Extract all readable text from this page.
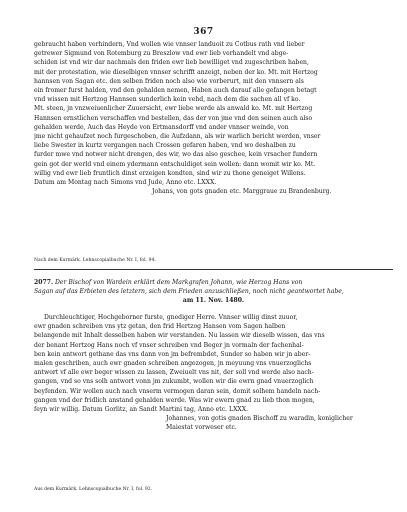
367
gebraucht haben verhindern, Vnd wollen wie vnnser landuoit zu Cotbus rath vnd lieber
getrewer Sigmund von Rotemburg zu Breszlow vnd ewr lieb verhandelt vnd abge-
schiden ist vnd wir dar nachmals den friden ewr lieb bewilliget vnd zugeschriben haben,
mit der protestation, wie dieselbigen vnnser schrifft anzeigt, neben der ko. Mt. mit Hertzog
hannsen von Sagan etc. den selben friden noch also wie vorberurt, mit den vnnsern als
ein fromer furst halden, vnd den gehalden nemen, Haben auch darauf alle gefangen betagt
vnd wissen mit Hertzog Hannsen sunderlich kein vehd, nach dem die sachen all vf ko.
Mt. steen, jn vnzweiuenlicher Zuuersicht, ewr liebe werde als anwald ko. Mt. mit Hertzog
Hannsen ernstlichen verschaffen vnd bestellen, das der von jme vnd den seinen auch also
gehalden werde, Auch das Heyde von Ertmansdorff vnd ander vnnser weinde, von
jme nicht gehaufzet noch furgeschoben, die Aufzdann, als wir warlich bericht werden, vnser
liebe Swester in kurtz vergangen nach Crossen gefaren haben, vnd wo deshalben zu
furder mwe vnd notwer nicht drengen, des wir, wo das also geschee, kein vrsacher fundern
gein got der werld vnd einem ydermann entschuldiget sein wollen: dann womit wir ko. Mt.
willig vnd ewr lieb fruntlich dinst erzeigen kondten, sind wir zu thone geneiget Willens.
Datum am Montag nach Simons vnd Jude, Anno etc. LXXX.
Johans, von gots gnaden etc. Marggraue zu Brandenburg.
Nach dem Kurmärk. Lehnscopialbuche Nr. I, fol. 94.
2077. Der Bischof von Wardein erklärt dem Markgrafen Johann, wie Herzog Hans von
Sagan auf das Erbieten des letztern, sich dem Frieden anzuschließen, noch nicht geantwortet habe,
am 11. Nov. 1480.
Durchleuchtiger, Hochgeborner furste, gnediger Herre. Vnnser willig dinst zuuor,
ewr gnaden schreiben vns ytz getan, den frid Hertzog Hansen vom Sagen halben
belangende mit Inhalt desselben haben wir verstanden. Nu lassen wir dieselb wissen, das vns
der benant Hertzog Hans noch vf vnser schreiben vnd Beger jn vormaln der fachenhal-
ben kein antwort gethane das vns dann von jm befrembdet, Sunder so haben wir jn aber-
malen geschriben, auch ewr gnaden schreiben angezogen, jn meyuung vns vnuerzoglichs
antwort vf alle ewr beger wissen zu lassen, Zweiuelt vns nit, der soll vnd werde also nach-
gangen, vnd so vns solh antwort vonn jm zukumbt, wollen wir die ewrn gnad vnuerzoglich
beyfenden. Wir wollen auch nach vnserm vermogen daran sein, domit solhem handeln nach-
gangen vnd der fridlich anstand gehalden werde. Was wir ewern gnad zu lieb thon mogen,
feyn wir willig. Datum Gorlitz, an Sandt Martini tag, Anno etc. LXXX.
Johannes, von gotis gnaden Bischoff zu waradin, koniglicher
Maiestat vorweser etc.
Aus dem Kurmärk. Lehnscopialbuche Nr. I, fol. 92.
